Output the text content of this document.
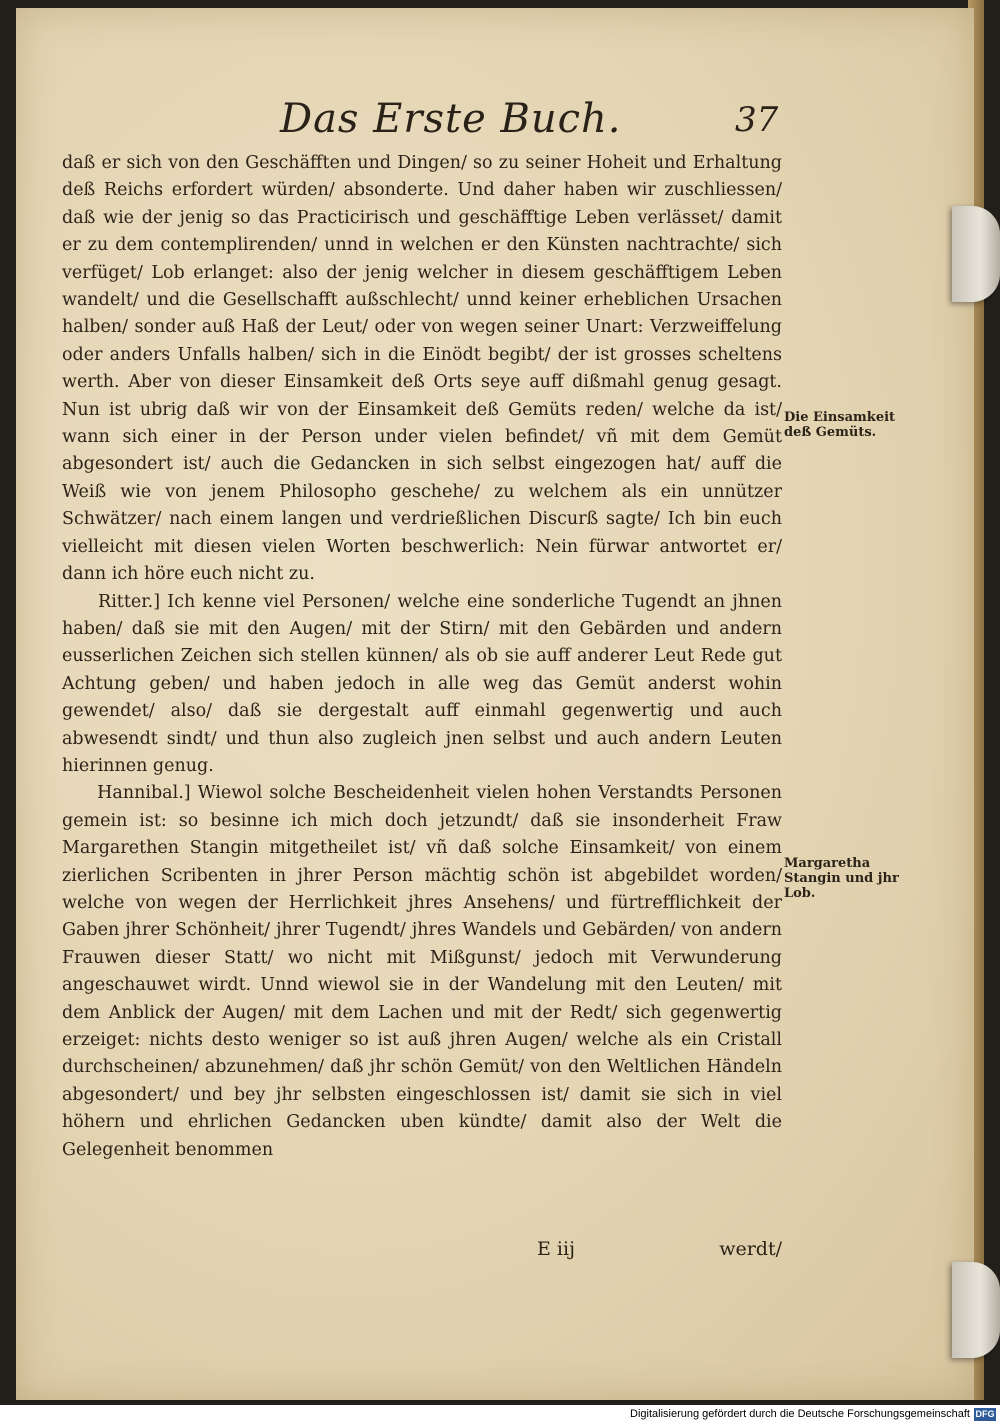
Das Erste Buch.	37

daß er sich von den Geschäfften und Dingen/ so zu seiner Hoheit und Erhaltung deß Reichs erfordert würden/ absonderte. Und daher haben wir zuschliessen/ daß wie der jenig so das Practicirisch und geschäfftige Leben verlässet/ damit er zu dem contemplirenden/ unnd in welchen er den Künsten nachtrachte/ sich verfüget/ Lob erlanget: also der jenig welcher in diesem geschäfftigem Leben wandelt/ und die Gesellschafft außschlecht/ unnd keiner erheblichen Ursachen halben/ sonder auß Haß der Leut/ oder von wegen seiner Unart: Verzweiffelung oder anders Unfalls halben/ sich in die Einödt begibt/ der ist grosses scheltens werth. Aber von dieser Einsamkeit deß Orts seye auff dißmahl genug gesagt. Nun ist ubrig daß wir von der Einsamkeit deß Gemüts reden/ welche da ist/ wann sich einer in der Person under vielen befindet/ vñ mit dem Gemüt abgesondert ist/ auch die Gedancken in sich selbst eingezogen hat/ auff die Weiß wie von jenem Philosopho geschehe/ zu welchem als ein unnützer Schwätzer/ nach einem langen und verdrießlichen Discurß sagte/ Ich bin euch vielleicht mit diesen vielen Worten beschwerlich: Nein fürwar antwortet er/ dann ich höre euch nicht zu.

Ritter.] Ich kenne viel Personen/ welche eine sonderliche Tugendt an jhnen haben/ daß sie mit den Augen/ mit der Stirn/ mit den Gebärden und andern eusserlichen Zeichen sich stellen künnen/ als ob sie auff anderer Leut Rede gut Achtung geben/ und haben jedoch in alle weg das Gemüt anderst wohin gewendet/ also/ daß sie dergestalt auff einmahl gegenwertig und auch abwesendt sindt/ und thun also zugleich jnen selbst und auch andern Leuten hierinnen genug.

Hannibal.] Wiewol solche Bescheidenheit vielen hohen Verstandts Personen gemein ist: so besinne ich mich doch jetzundt/ daß sie insonderheit Fraw Margarethen Stangin mitgetheilet ist/ vñ daß solche Einsamkeit/ von einem zierlichen Scribenten in jhrer Person mächtig schön ist abgebildet worden/ welche von wegen der Herrlichkeit jhres Ansehens/ und fürtrefflichkeit der Gaben jhrer Schönheit/ jhrer Tugendt/ jhres Wandels und Gebärden/ von andern Frauwen dieser Statt/ wo nicht mit Mißgunst/ jedoch mit Verwunderung angeschauwet wirdt. Unnd wiewol sie in der Wandelung mit den Leuten/ mit dem Anblick der Augen/ mit dem Lachen und mit der Redt/ sich gegenwertig erzeiget: nichts desto weniger so ist auß jhren Augen/ welche als ein Cristall durchscheinen/ abzunehmen/ daß jhr schön Gemüt/ von den Weltlichen Händeln abgesondert/ und bey jhr selbsten eingeschlossen ist/ damit sie sich in viel höhern und ehrlichen Gedancken uben kündte/ damit also der Welt die Gelegenheit benommen

Die Einsamkeit deß Gemüts.
Margaretha Stangin und jhr Lob.
E iij	werdt/
Digitalisierung gefördert durch die Deutsche Forschungsgemeinschaft DFG
